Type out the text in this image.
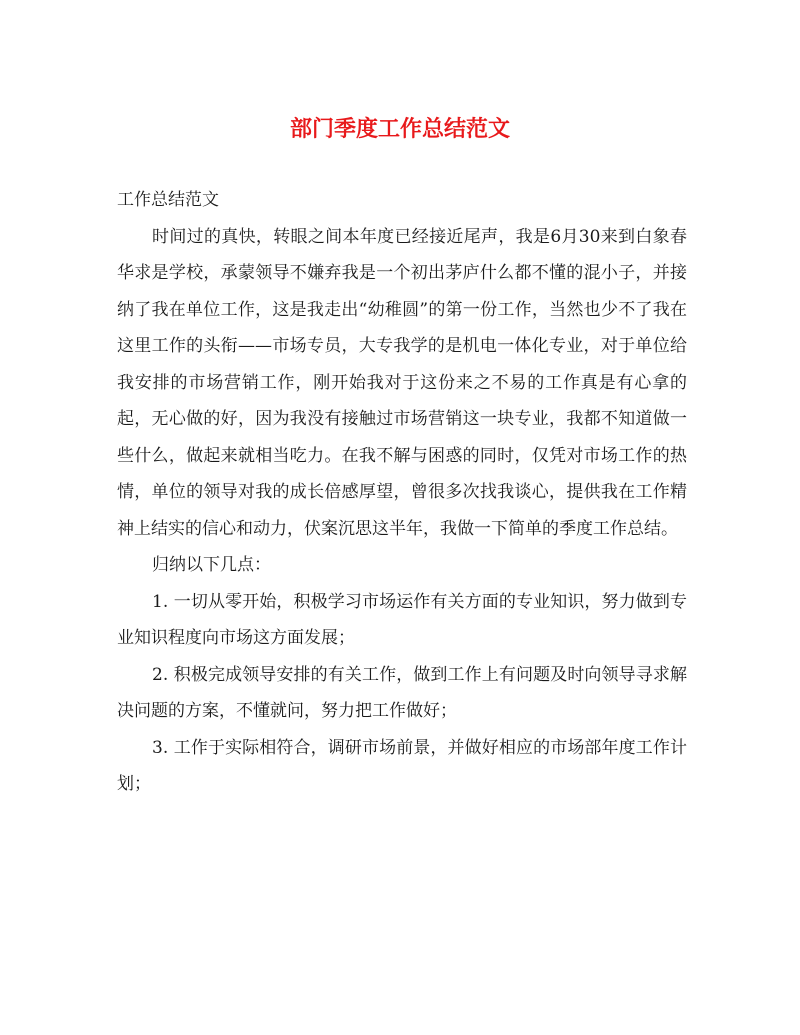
部门季度工作总结范文

工作总结范文

时间过的真快，转眼之间本年度已经接近尾声，我是6月30来到白象春华求是学校，承蒙领导不嫌弃我是一个初出茅庐什么都不懂的混小子，并接纳了我在单位工作，这是我走出“幼稚圆”的第一份工作，当然也少不了我在这里工作的头衔——市场专员，大专我学的是机电一体化专业，对于单位给我安排的市场营销工作，刚开始我对于这份来之不易的工作真是有心拿的起，无心做的好，因为我没有接触过市场营销这一块专业，我都不知道做一些什么，做起来就相当吃力。在我不解与困惑的同时，仅凭对市场工作的热情，单位的领导对我的成长倍感厚望，曾很多次找我谈心，提供我在工作精神上结实的信心和动力，伏案沉思这半年，我做一下简单的季度工作总结。

归纳以下几点：

1. 一切从零开始，积极学习市场运作有关方面的专业知识，努力做到专业知识程度向市场这方面发展；

2. 积极完成领导安排的有关工作，做到工作上有问题及时向领导寻求解决问题的方案，不懂就问，努力把工作做好；

3. 工作于实际相符合，调研市场前景，并做好相应的市场部年度工作计划；
